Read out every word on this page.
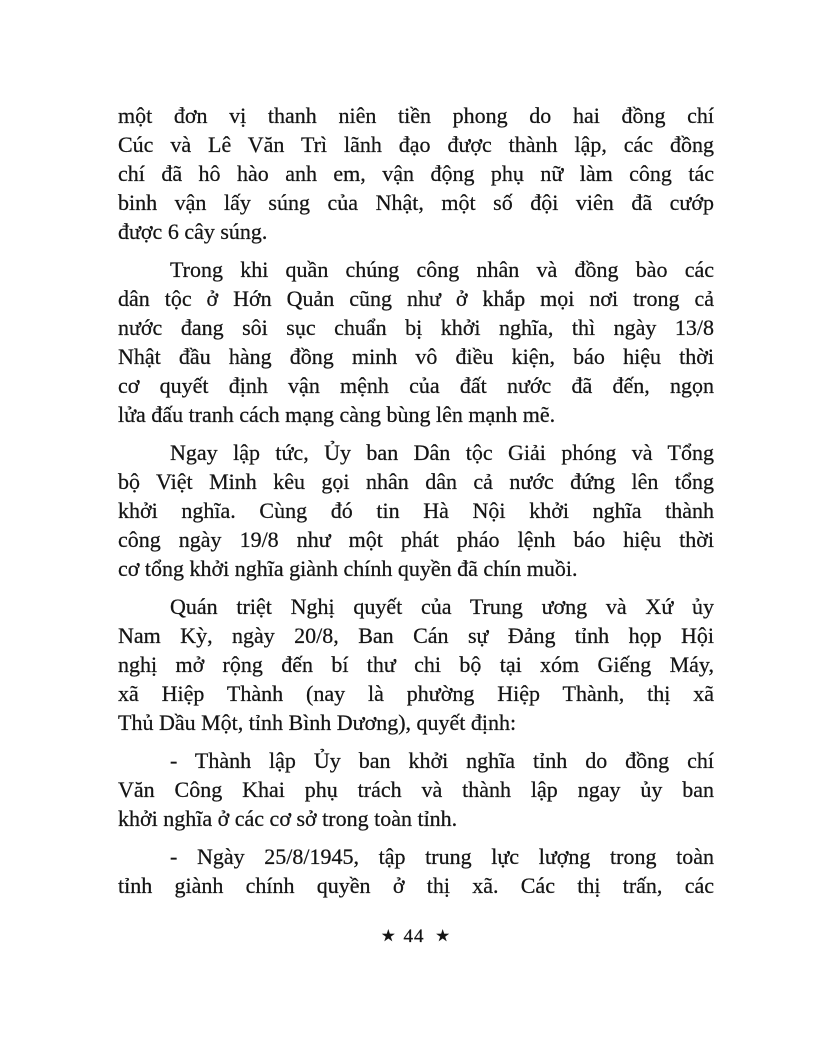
một đơn vị thanh niên tiền phong do hai đồng chí
Cúc và Lê Văn Trì lãnh đạo được thành lập, các đồng
chí đã hô hào anh em, vận động phụ nữ làm công tác
binh vận lấy súng của Nhật, một số đội viên đã cướp
được 6 cây súng.

Trong khi quần chúng công nhân và đồng bào các
dân tộc ở Hớn Quản cũng như ở khắp mọi nơi trong cả
nước đang sôi sục chuẩn bị khởi nghĩa, thì ngày 13/8
Nhật đầu hàng đồng minh vô điều kiện, báo hiệu thời
cơ quyết định vận mệnh của đất nước đã đến, ngọn
lửa đấu tranh cách mạng càng bùng lên mạnh mẽ.

Ngay lập tức, Ủy ban Dân tộc Giải phóng và Tổng
bộ Việt Minh kêu gọi nhân dân cả nước đứng lên tổng
khởi nghĩa. Cùng đó tin Hà Nội khởi nghĩa thành
công ngày 19/8 như một phát pháo lệnh báo hiệu thời
cơ tổng khởi nghĩa giành chính quyền đã chín muồi.

Quán triệt Nghị quyết của Trung ương và Xứ ủy
Nam Kỳ, ngày 20/8, Ban Cán sự Đảng tỉnh họp Hội
nghị mở rộng đến bí thư chi bộ tại xóm Giếng Máy,
xã Hiệp Thành (nay là phường Hiệp Thành, thị xã
Thủ Dầu Một, tỉnh Bình Dương), quyết định:

- Thành lập Ủy ban khởi nghĩa tỉnh do đồng chí
Văn Công Khai phụ trách và thành lập ngay ủy ban
khởi nghĩa ở các cơ sở trong toàn tỉnh.

- Ngày 25/8/1945, tập trung lực lượng trong toàn
tỉnh giành chính quyền ở thị xã. Các thị trấn, các

★ 44 ★
